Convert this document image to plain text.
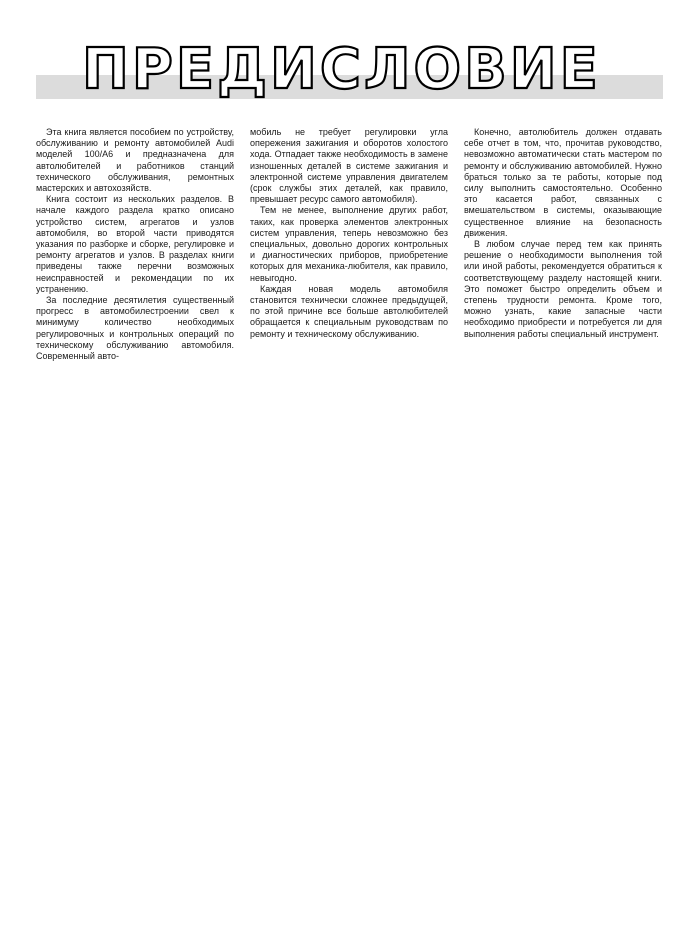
ПРЕДИСЛОВИЕ

Эта книга является пособием по устройству, обслуживанию и ремонту автомобилей Audi моделей 100/А6 и предназначена для автолюбителей и работников станций технического обслуживания, ремонтных мастерских и автохозяйств.

Книга состоит из нескольких разделов. В начале каждого раздела кратко описано устройство систем, агрегатов и узлов автомобиля, во второй части приводятся указания по разборке и сборке, регулировке и ремонту агрегатов и узлов. В разделах книги приведены также перечни возможных неисправностей и рекомендации по их устранению.

За последние десятилетия существенный прогресс в автомобилестроении свел к минимуму количество необходимых регулировочных и контрольных операций по техническому обслуживанию автомобиля. Современный авто-

мобиль не требует регулировки угла опережения зажигания и оборотов холостого хода. Отпадает также необходимость в замене изношенных деталей в системе зажигания и электронной системе управления двигателем (срок службы этих деталей, как правило, превышает ресурс самого автомобиля).

Тем не менее, выполнение других работ, таких, как проверка элементов электронных систем управления, теперь невозможно без специальных, довольно дорогих контрольных и диагностических приборов, приобретение которых для механика-любителя, как правило, невыгодно.

Каждая новая модель автомобиля становится технически сложнее предыдущей, по этой причине все больше автолюбителей обращается к специальным руководствам по ремонту и техническому обслуживанию.

Конечно, автолюбитель должен отдавать себе отчет в том, что, прочитав руководство, невозможно автоматически стать мастером по ремонту и обслуживанию автомобилей. Нужно браться только за те работы, которые под силу выполнить самостоятельно. Особенно это касается работ, связанных с вмешательством в системы, оказывающие существенное влияние на безопасность движения.

В любом случае перед тем как принять решение о необходимости выполнения той или иной работы, рекомендуется обратиться к соответствующему разделу настоящей книги. Это поможет быстро определить объем и степень трудности ремонта. Кроме того, можно узнать, какие запасные части необходимо приобрести и потребуется ли для выполнения работы специальный инструмент.
